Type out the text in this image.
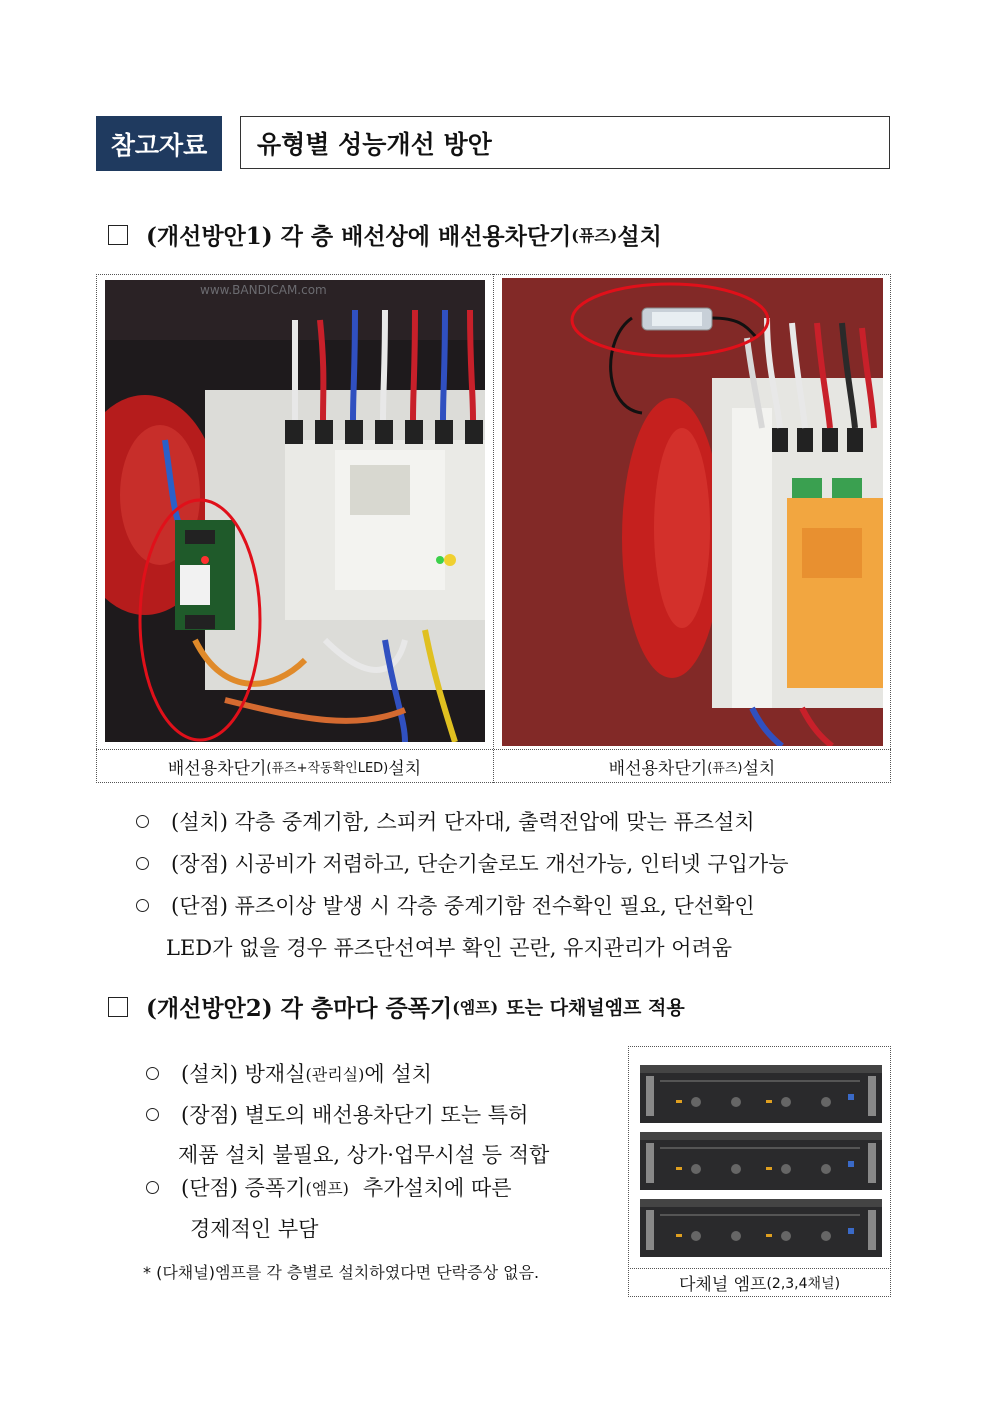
참고자료	유형별 성능개선 방안
(개선방안1) 각 층 배선상에 배선용차단기 (퓨즈) 설치
www.BANDICAM.com
배선용차단기 (퓨즈+작동확인LED) 설치	배선용차단기 (퓨즈) 설치
(설치) 각층 중계기함, 스피커 단자대, 출력전압에 맞는 퓨즈설치
(장점) 시공비가 저렴하고, 단순기술로도 개선가능, 인터넷 구입가능
(단점) 퓨즈이상 발생 시 각층 중계기함 전수확인 필요, 단선확인
LED가 없을 경우 퓨즈단선여부 확인 곤란, 유지관리가 어려움
(개선방안2) 각 층마다 증폭기 (엠프) 또는 다채널엠프 적용
(설치) 방재실 (관리실) 에 설치
(장점) 별도의 배선용차단기 또는 특허
제품 설치 불필요, 상가·업무시설 등 적합
(단점) 증폭기 (엠프) 추가설치에 따른
경제적인 부담
* (다채널)엠프를 각 층별로 설치하였다면 단락증상 없음.
다체널 엠프 (2,3,4채널)
